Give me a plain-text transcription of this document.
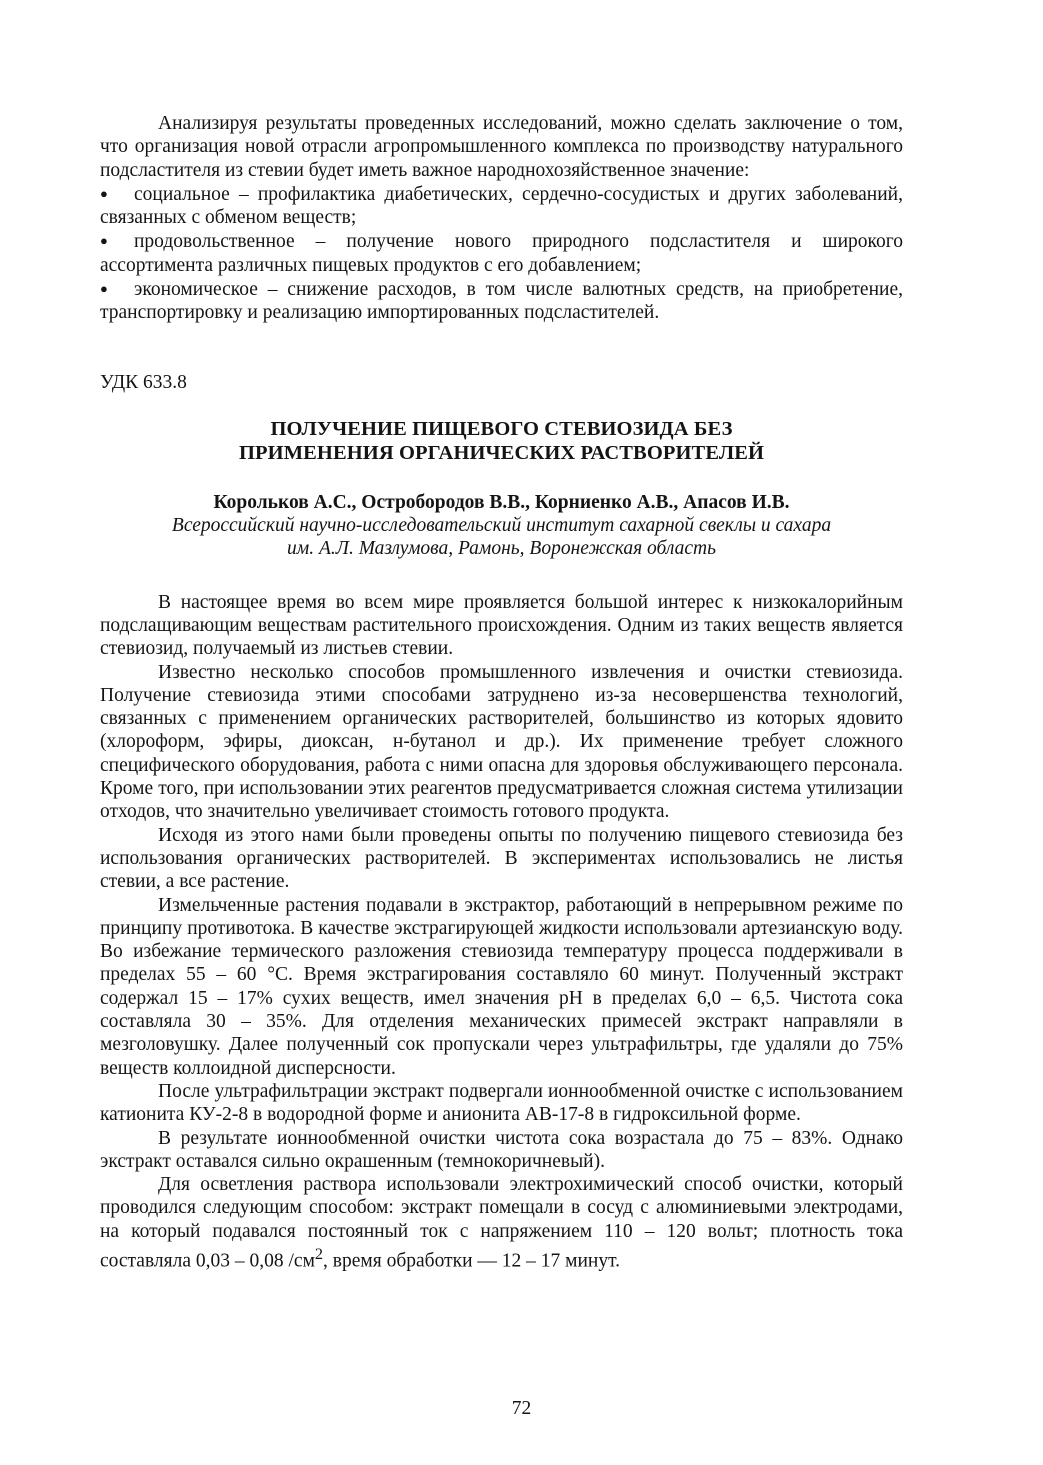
Анализируя результаты проведенных исследований, можно сделать заключение о том, что организация новой отрасли агропромышленного комплекса по производству натурального подсластителя из стевии будет иметь важное народнохозяйственное значение:

● социальное – профилактика диабетических, сердечно-сосудистых и других заболеваний, связанных с обменом веществ;
● продовольственное – получение нового природного подсластителя и широкого ассортимента различных пищевых продуктов с его добавлением;
● экономическое – снижение расходов, в том числе валютных средств, на приобретение, транспортировку и реализацию импортированных подсластителей.
УДК 633.8
ПОЛУЧЕНИЕ ПИЩЕВОГО СТЕВИОЗИДА БЕЗ
ПРИМЕНЕНИЯ ОРГАНИЧЕСКИХ РАСТВОРИТЕЛЕЙ
Корольков А.С., Остробородов В.В., Корниенко А.В., Апасов И.В.
Всероссийский научно-исследовательский институт сахарной свеклы и сахара
им. А.Л. Мазлумова, Рамонь, Воронежская область

В настоящее время во всем мире проявляется большой интерес к низкокалорийным подслащивающим веществам растительного происхождения. Одним из таких веществ является стевиозид, получаемый из листьев стевии.

Известно несколько способов промышленного извлечения и очистки стевиозида. Получение стевиозида этими способами затруднено из-за несовершенства технологий, связанных с применением органических растворителей, большинство из которых ядовито (хлороформ, эфиры, диоксан, н-бутанол и др.). Их применение требует сложного специфического оборудования, работа с ними опасна для здоровья обслуживающего персонала. Кроме того, при использовании этих реагентов предусматривается сложная система утилизации отходов, что значительно увеличивает стоимость готового продукта.

Исходя из этого нами были проведены опыты по получению пищевого стевиозида без использования органических растворителей. В экспериментах использовались не листья стевии, а все растение.

Измельченные растения подавали в экстрактор, работающий в непрерывном режиме по принципу противотока. В качестве экстрагирующей жидкости использовали артезианскую воду. Во избежание термического разложения стевиозида температуру процесса поддерживали в пределах 55 – 60 °С. Время экстрагирования составляло 60 минут. Полученный экстракт содержал 15 – 17% сухих веществ, имел значения рН в пределах 6,0 – 6,5. Чистота сока составляла 30 – 35%. Для отделения механических примесей экстракт направляли в мезголовушку. Далее полученный сок пропускали через ультрафильтры, где удаляли до 75% веществ коллоидной дисперсности.

После ультрафильтрации экстракт подвергали ионнообменной очистке с использованием катионита КУ-2-8 в водородной форме и анионита АВ-17-8 в гидроксильной форме.

В результате ионнообменной очистки чистота сока возрастала до 75 – 83%. Однако экстракт оставался сильно окрашенным (темнокоричневый).

Для осветления раствора использовали электрохимический способ очистки, который проводился следующим способом: экстракт помещали в сосуд с алюминиевыми электродами, на который подавался постоянный ток с напряжением 110 – 120 вольт; плотность тока составляла 0,03 – 0,08 $/см^2$, время обработки — 12 – 17 минут.

72
